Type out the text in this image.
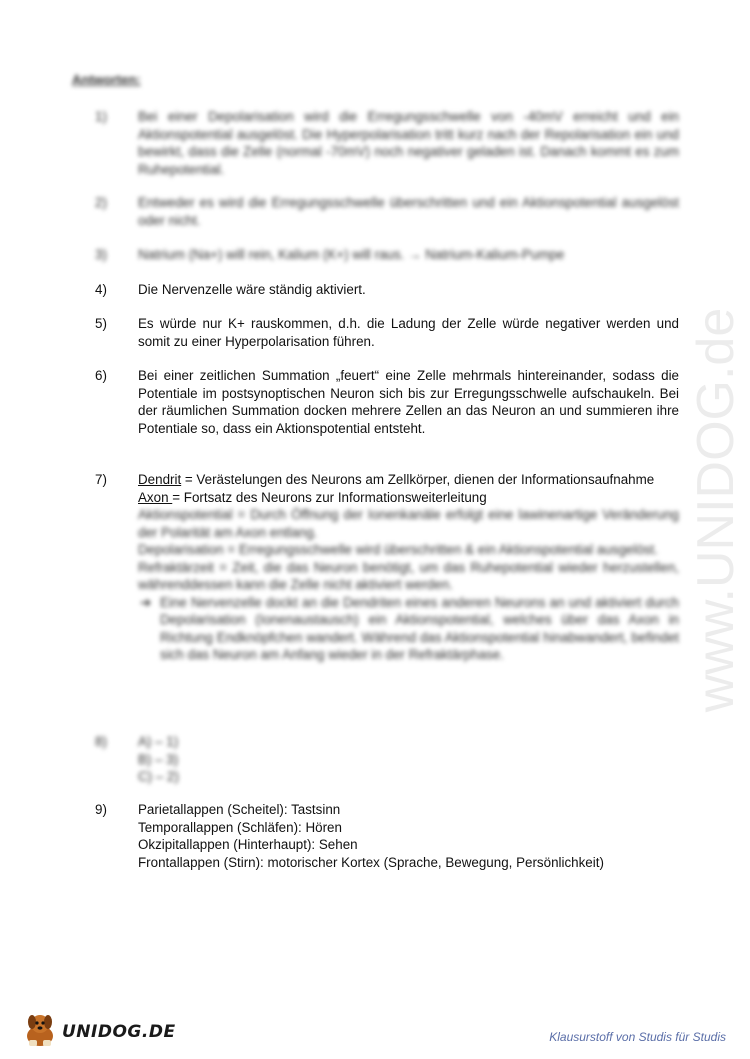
Antworten:
1) Bei einer Depolarisation wird die Erregungsschwelle von -40mV erreicht und ein Aktionspotential ausgelöst. Die Hyperpolarisation tritt kurz nach der Repolarisation ein und bewirkt, dass die Zelle (normal -70mV) noch negativer geladen ist. Danach kommt es zum Ruhepotential.
2) Entweder es wird die Erregungsschwelle überschritten und ein Aktionspotential ausgelöst oder nicht.
3) Natrium (Na+) will rein, Kalium (K+) will raus. → Natrium-Kalium-Pumpe
4) Die Nervenzelle wäre ständig aktiviert.
5) Es würde nur K+ rauskommen, d.h. die Ladung der Zelle würde negativer werden und somit zu einer Hyperpolarisation führen.
6) Bei einer zeitlichen Summation „feuert“ eine Zelle mehrmals hintereinander, sodass die Potentiale im postsynoptischen Neuron sich bis zur Erregungsschwelle aufschaukeln. Bei der räumlichen Summation docken mehrere Zellen an das Neuron an und summieren ihre Potentiale so, dass ein Aktionspotential entsteht.
7) Dendrit = Verästelungen des Neurons am Zellkörper, dienen der Informationsaufnahme
Axon = Fortsatz des Neurons zur Informationsweiterleitung
Aktionspotential = Durch Öffnung der Ionenkanäle erfolgt eine lawinenartige Veränderung der Polarität am Axon entlang.
Depolarisation = Erregungsschwelle wird überschritten & ein Aktionspotential ausgelöst.
Refraktärzeit = Zeit, die das Neuron benötigt, um das Ruhepotential wieder herzustellen, währenddessen kann die Zelle nicht aktiviert werden.
➔ Eine Nervenzelle dockt an die Dendriten eines anderen Neurons an und aktiviert durch Depolarisation (Ionenaustausch) ein Aktionspotential, welches über das Axon in Richtung Endknöpfchen wandert. Während das Aktionspotential hinabwandert, befindet sich das Neuron am Anfang wieder in der Refraktärphase.
8) A) – 1)
B) – 3)
C) – 2)
9) Parietallappen (Scheitel): Tastsinn
Temporallappen (Schläfen): Hören
Okzipitallappen (Hinterhaupt): Sehen
Frontallappen (Stirn): motorischer Kortex (Sprache, Bewegung, Persönlichkeit)
www.UNIDOG.de
UNIDOG.DE	Klausurstoff von Studis für Studis
